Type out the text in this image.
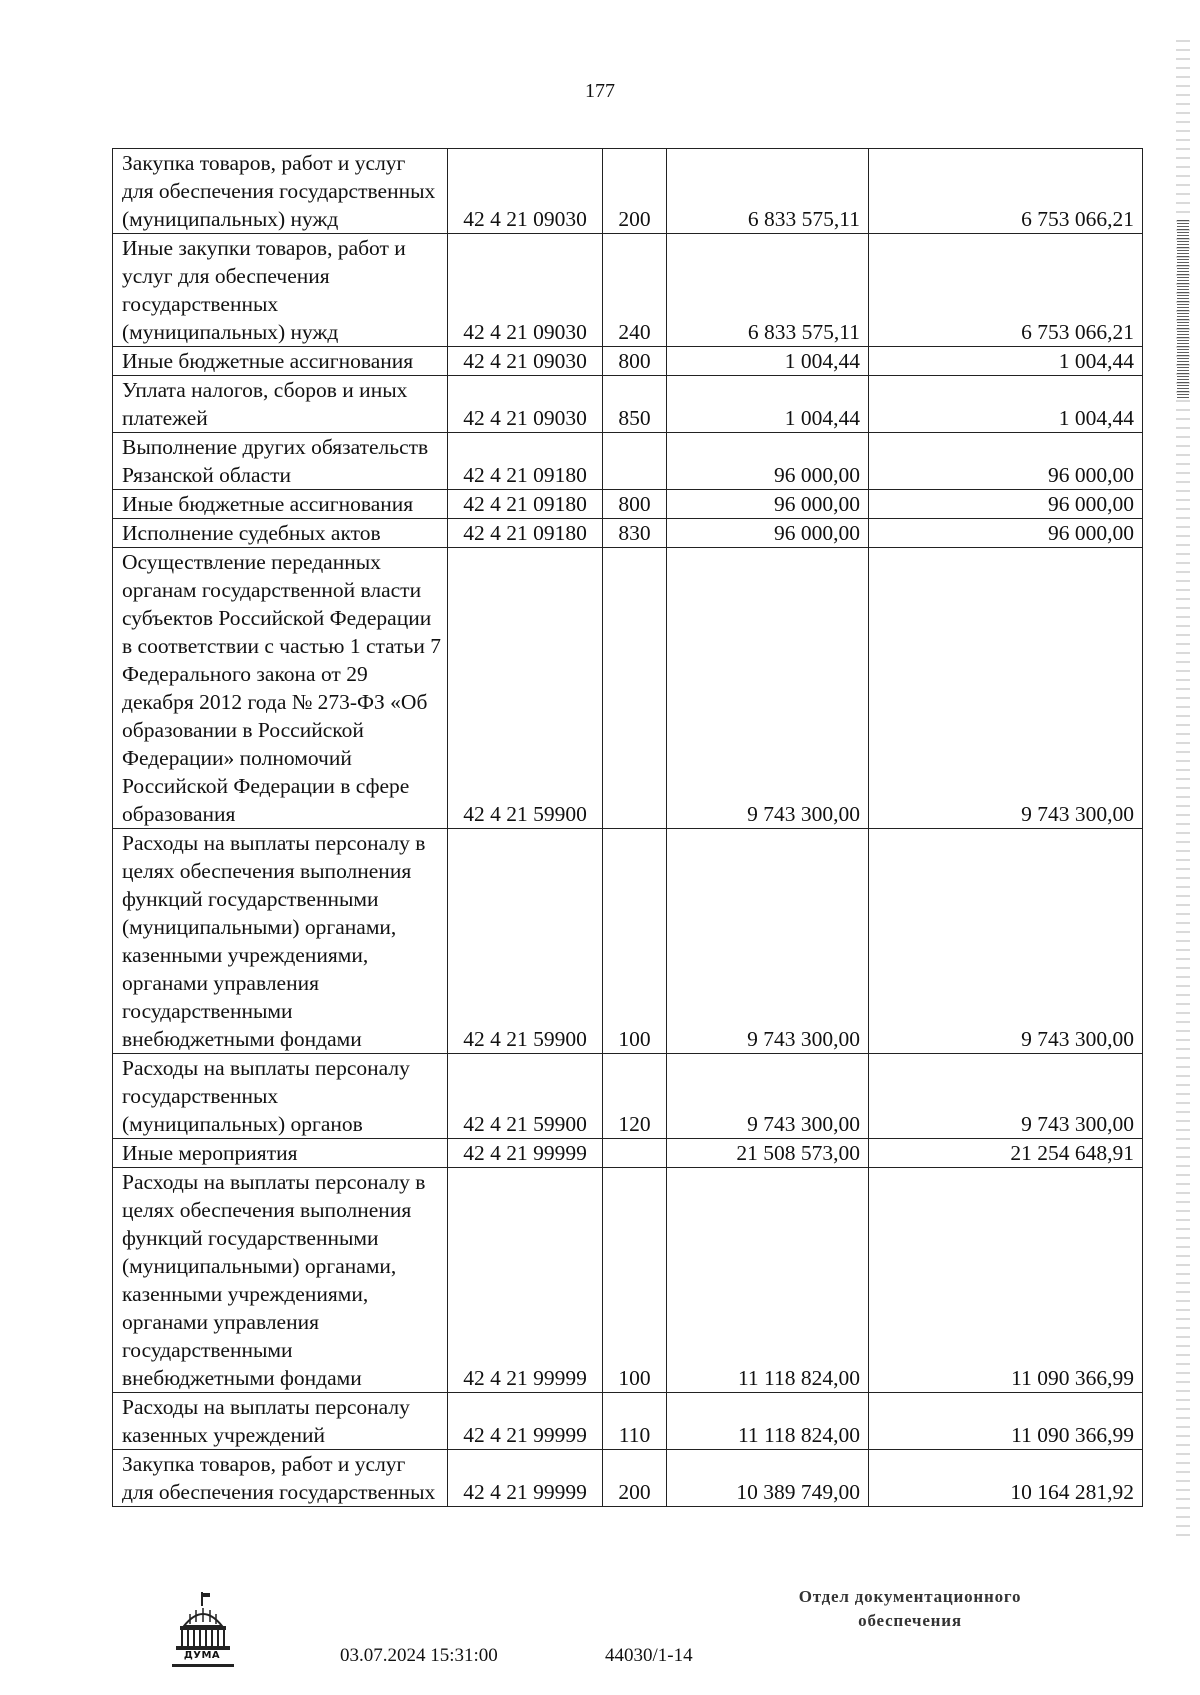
177
Закупка товаров, работ и услуг для обеспечения государственных (муниципальных) нужд	42 4 21 09030	200	6 833 575,11	6 753 066,21
Иные закупки товаров, работ и услуг для обеспечения государственных (муниципальных) нужд	42 4 21 09030	240	6 833 575,11	6 753 066,21
Иные бюджетные ассигнования	42 4 21 09030	800	1 004,44	1 004,44
Уплата налогов, сборов и иных платежей	42 4 21 09030	850	1 004,44	1 004,44
Выполнение других обязательств Рязанской области	42 4 21 09180		96 000,00	96 000,00
Иные бюджетные ассигнования	42 4 21 09180	800	96 000,00	96 000,00
Исполнение судебных актов	42 4 21 09180	830	96 000,00	96 000,00
Осуществление переданных органам государственной власти субъектов Российской Федерации в соответствии с частью 1 статьи 7 Федерального закона от 29 декабря 2012 года № 273-ФЗ «Об образовании в Российской Федерации» полномочий Российской Федерации в сфере образования	42 4 21 59900		9 743 300,00	9 743 300,00
Расходы на выплаты персоналу в целях обеспечения выполнения функций государственными (муниципальными) органами, казенными учреждениями, органами управления государственными внебюджетными фондами	42 4 21 59900	100	9 743 300,00	9 743 300,00
Расходы на выплаты персоналу государственных (муниципальных) органов	42 4 21 59900	120	9 743 300,00	9 743 300,00
Иные мероприятия	42 4 21 99999		21 508 573,00	21 254 648,91
Расходы на выплаты персоналу в целях обеспечения выполнения функций государственными (муниципальными) органами, казенными учреждениями, органами управления государственными внебюджетными фондами	42 4 21 99999	100	11 118 824,00	11 090 366,99
Расходы на выплаты персоналу казенных учреждений	42 4 21 99999	110	11 118 824,00	11 090 366,99
Закупка товаров, работ и услуг для обеспечения государственных	42 4 21 99999	200	10 389 749,00	10 164 281,92
ДУМА	03.07.2024 15:31:00	44030/1-14
Отдел документационного
обеспечения
